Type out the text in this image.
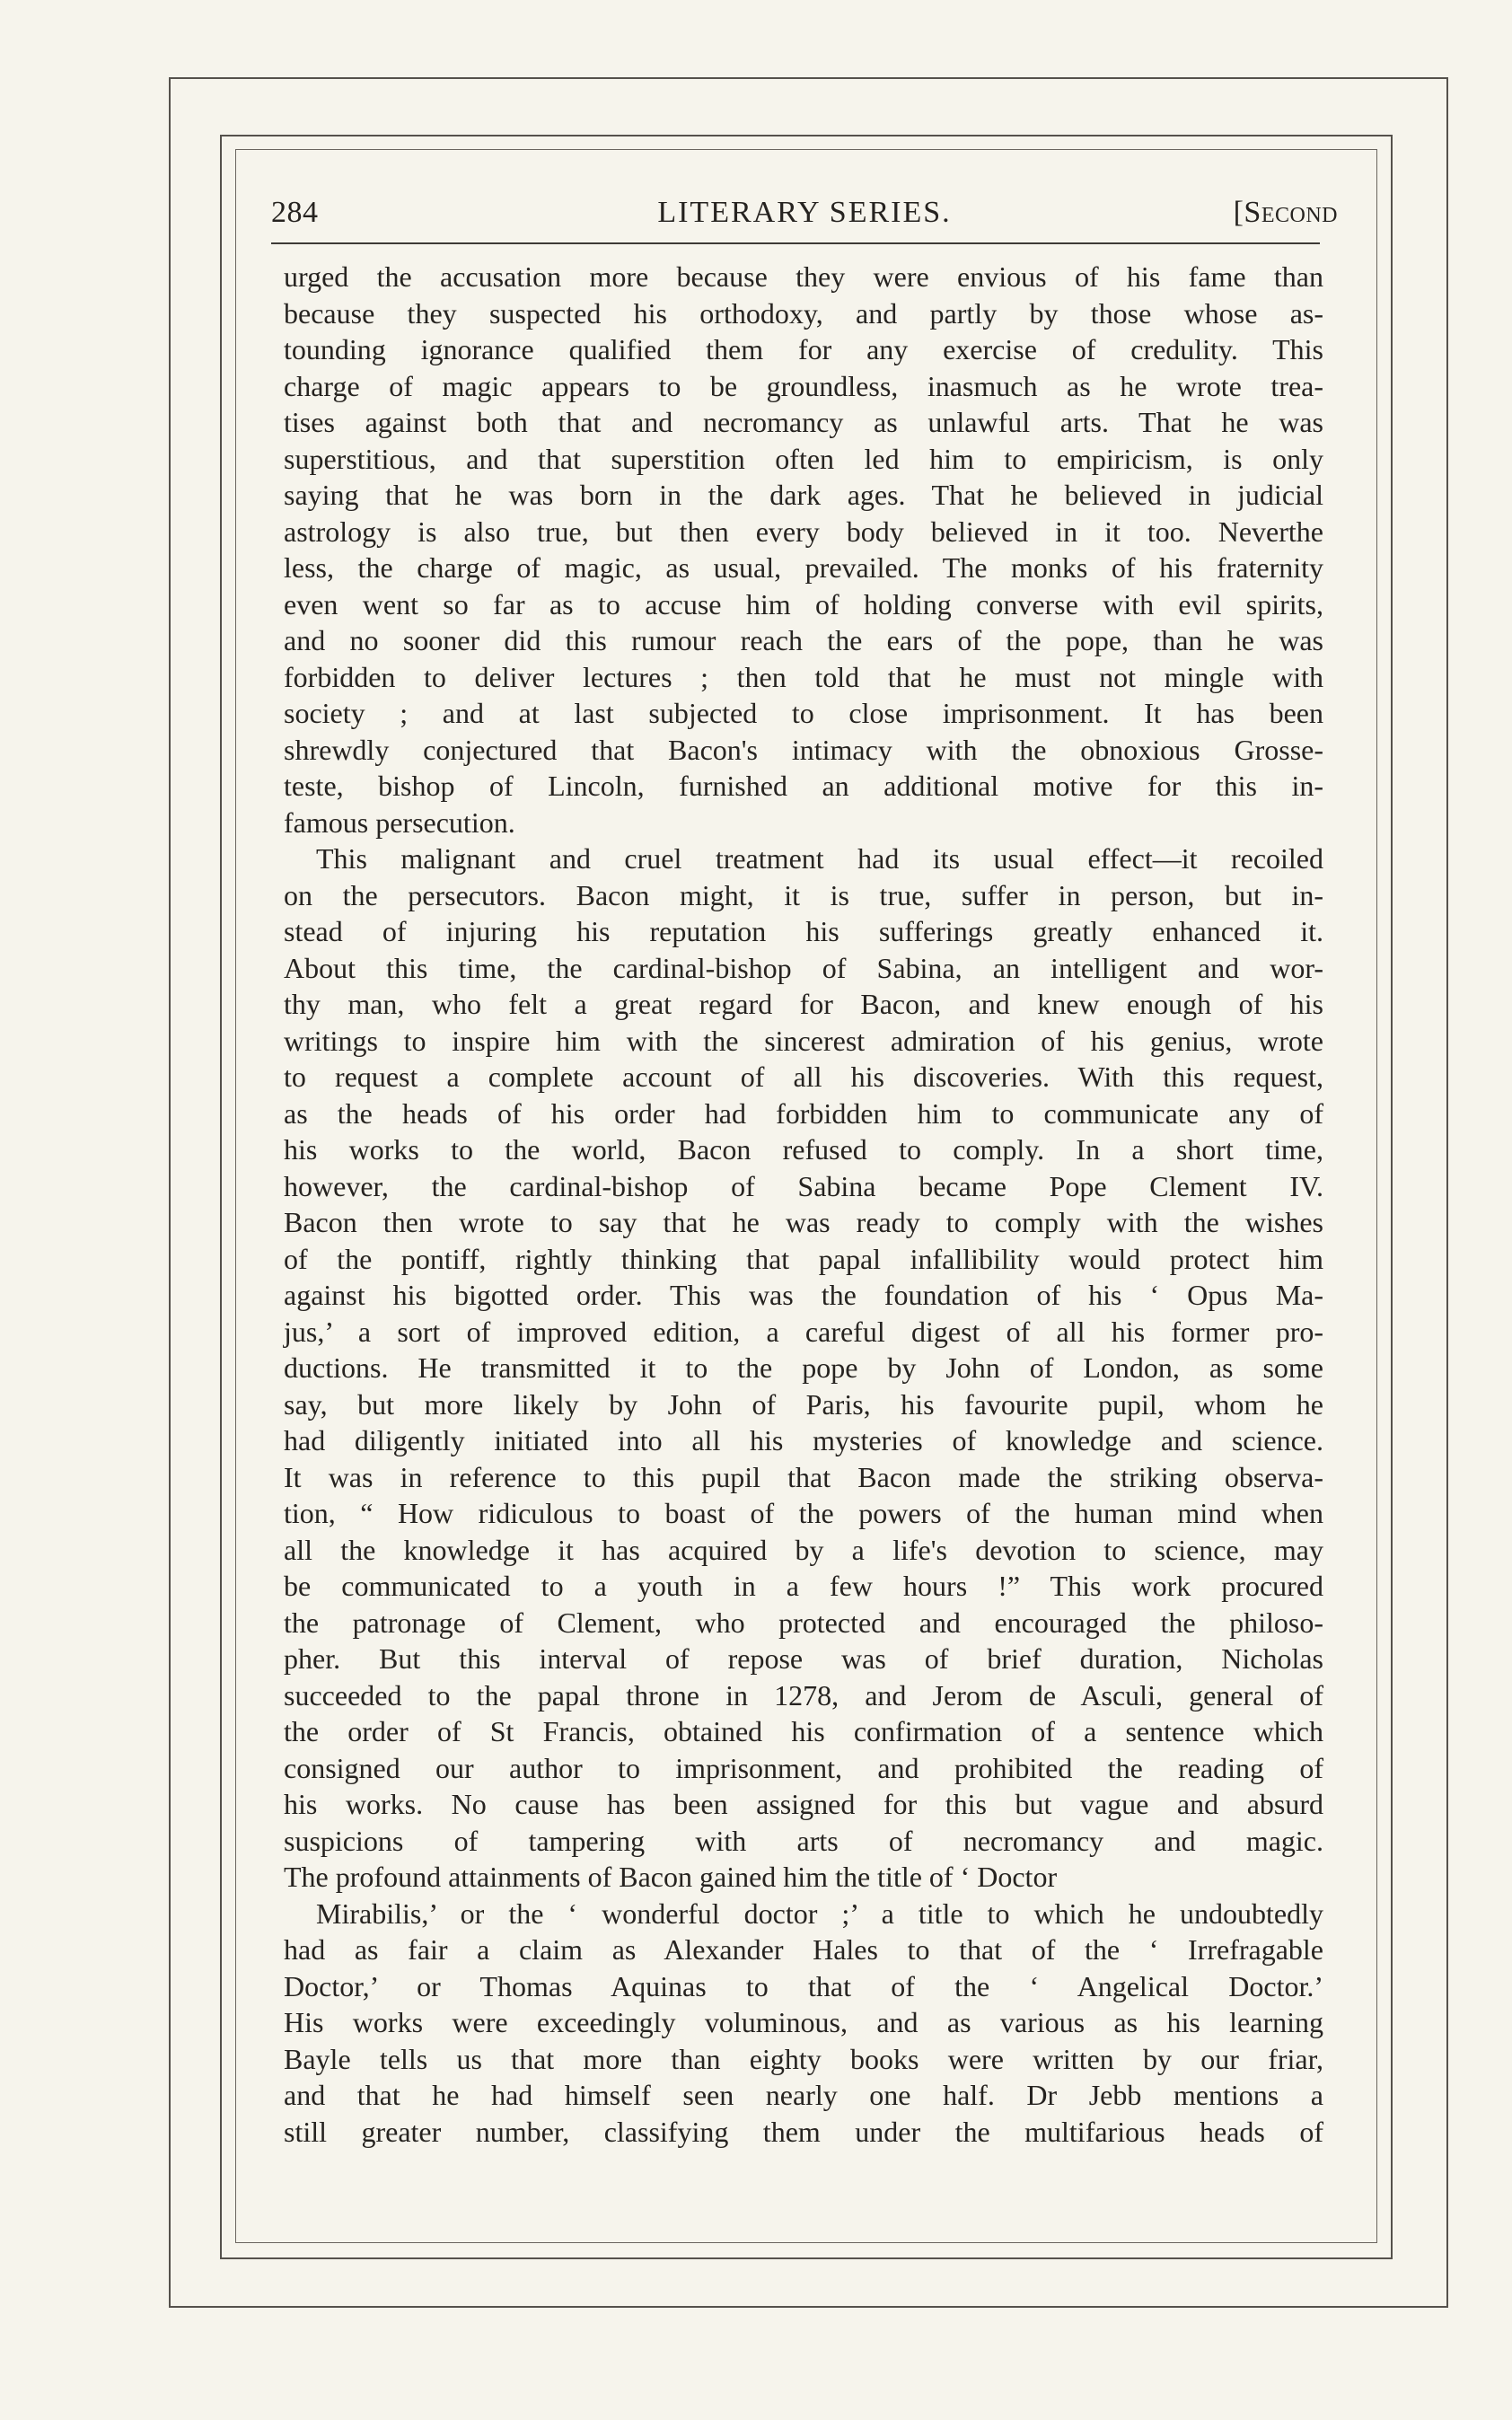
284	LITERARY SERIES.	[Second
urged the accusation more because they were envious of his fame than
because they suspected his orthodoxy, and partly by those whose as-
tounding ignorance qualified them for any exercise of credulity. This
charge of magic appears to be groundless, inasmuch as he wrote trea-
tises against both that and necromancy as unlawful arts. That he was
superstitious, and that superstition often led him to empiricism, is only
saying that he was born in the dark ages. That he believed in judicial
astrology is also true, but then every body believed in it too. Neverthe
less, the charge of magic, as usual, prevailed. The monks of his fraternity
even went so far as to accuse him of holding converse with evil spirits,
and no sooner did this rumour reach the ears of the pope, than he was
forbidden to deliver lectures ; then told that he must not mingle with
society ; and at last subjected to close imprisonment. It has been
shrewdly conjectured that Bacon's intimacy with the obnoxious Grosse-
teste, bishop of Lincoln, furnished an additional motive for this in-
famous persecution.
This malignant and cruel treatment had its usual effect—it recoiled
on the persecutors. Bacon might, it is true, suffer in person, but in-
stead of injuring his reputation his sufferings greatly enhanced it.
About this time, the cardinal-bishop of Sabina, an intelligent and wor-
thy man, who felt a great regard for Bacon, and knew enough of his
writings to inspire him with the sincerest admiration of his genius, wrote
to request a complete account of all his discoveries. With this request,
as the heads of his order had forbidden him to communicate any of
his works to the world, Bacon refused to comply. In a short time,
however, the cardinal-bishop of Sabina became Pope Clement IV.
Bacon then wrote to say that he was ready to comply with the wishes
of the pontiff, rightly thinking that papal infallibility would protect him
against his bigotted order. This was the foundation of his ‘ Opus Ma-
jus,’ a sort of improved edition, a careful digest of all his former pro-
ductions. He transmitted it to the pope by John of London, as some
say, but more likely by John of Paris, his favourite pupil, whom he
had diligently initiated into all his mysteries of knowledge and science.
It was in reference to this pupil that Bacon made the striking observa-
tion, “ How ridiculous to boast of the powers of the human mind when
all the knowledge it has acquired by a life's devotion to science, may
be communicated to a youth in a few hours !” This work procured
the patronage of Clement, who protected and encouraged the philoso-
pher. But this interval of repose was of brief duration, Nicholas
succeeded to the papal throne in 1278, and Jerom de Asculi, general of
the order of St Francis, obtained his confirmation of a sentence which
consigned our author to imprisonment, and prohibited the reading of
his works. No cause has been assigned for this but vague and absurd
suspicions of tampering with arts of necromancy and magic.
The profound attainments of Bacon gained him the title of ‘ Doctor
Mirabilis,’ or the ‘ wonderful doctor ;’ a title to which he undoubtedly
had as fair a claim as Alexander Hales to that of the ‘ Irrefragable
Doctor,’ or Thomas Aquinas to that of the ‘ Angelical Doctor.’
His works were exceedingly voluminous, and as various as his learning
Bayle tells us that more than eighty books were written by our friar,
and that he had himself seen nearly one half. Dr Jebb mentions a
still greater number, classifying them under the multifarious heads of
